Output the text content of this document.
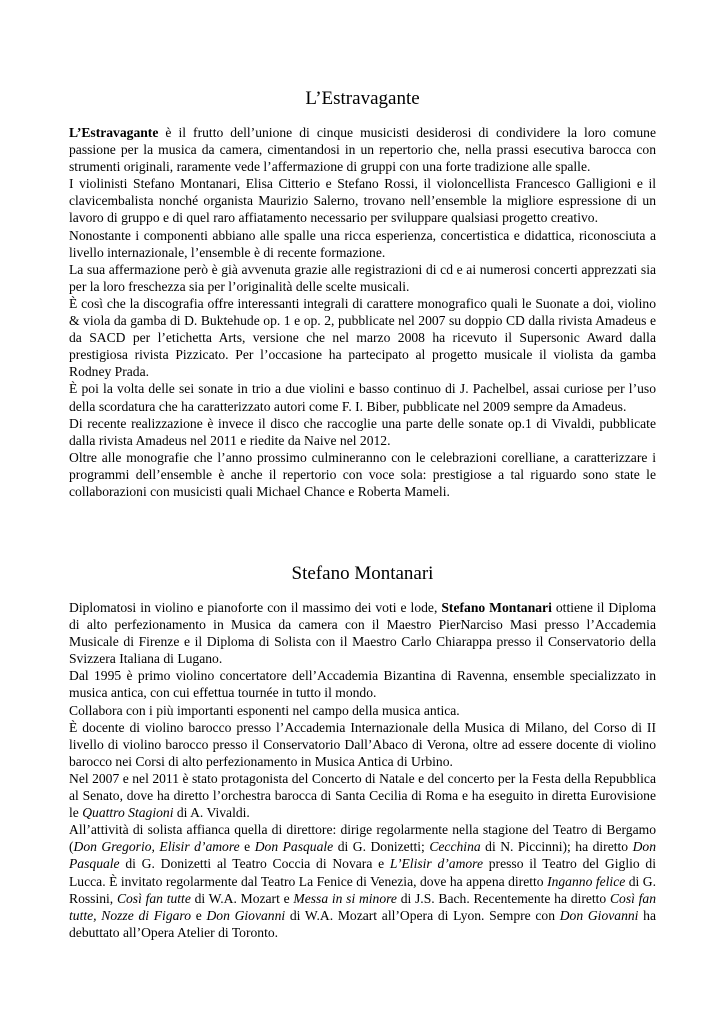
L’Estravagante

L’Estravagante è il frutto dell’unione di cinque musicisti desiderosi di condividere la loro comune passione per la musica da camera, cimentandosi in un repertorio che, nella prassi esecutiva barocca con strumenti originali, raramente vede l’affermazione di gruppi con una forte tradizione alle spalle.

I violinisti Stefano Montanari, Elisa Citterio e Stefano Rossi, il violoncellista Francesco Galligioni e il clavicembalista nonché organista Maurizio Salerno, trovano nell’ensemble la migliore espressione di un lavoro di gruppo e di quel raro affiatamento necessario per sviluppare qualsiasi progetto creativo.

Nonostante i componenti abbiano alle spalle una ricca esperienza, concertistica e didattica, riconosciuta a livello internazionale, l’ensemble è di recente formazione.

La sua affermazione però è già avvenuta grazie alle registrazioni di cd e ai numerosi concerti apprezzati sia per la loro freschezza sia per l’originalità delle scelte musicali.

È così che la discografia offre interessanti integrali di carattere monografico quali le Suonate a doi, violino & viola da gamba di D. Buktehude op. 1 e op. 2, pubblicate nel 2007 su doppio CD dalla rivista Amadeus e da SACD per l’etichetta Arts, versione che nel marzo 2008 ha ricevuto il Supersonic Award dalla prestigiosa rivista Pizzicato. Per l’occasione ha partecipato al progetto musicale il violista da gamba Rodney Prada.

È poi la volta delle sei sonate in trio a due violini e basso continuo di J. Pachelbel, assai curiose per l’uso della scordatura che ha caratterizzato autori come F. I. Biber, pubblicate nel 2009 sempre da Amadeus.

Di recente realizzazione è invece il disco che raccoglie una parte delle sonate op.1 di Vivaldi, pubblicate dalla rivista Amadeus nel 2011 e riedite da Naive nel 2012.

Oltre alle monografie che l’anno prossimo culmineranno con le celebrazioni corelliane, a caratterizzare i programmi dell’ensemble è anche il repertorio con voce sola: prestigiose a tal riguardo sono state le collaborazioni con musicisti quali Michael Chance e Roberta Mameli.

Stefano Montanari

Diplomatosi in violino e pianoforte con il massimo dei voti e lode, Stefano Montanari ottiene il Diploma di alto perfezionamento in Musica da camera con il Maestro PierNarciso Masi presso l’Accademia Musicale di Firenze e il Diploma di Solista con il Maestro Carlo Chiarappa presso il Conservatorio della Svizzera Italiana di Lugano.

Dal 1995 è primo violino concertatore dell’Accademia Bizantina di Ravenna, ensemble specializzato in musica antica, con cui effettua tournée in tutto il mondo.

Collabora con i più importanti esponenti nel campo della musica antica.

È docente di violino barocco presso l’Accademia Internazionale della Musica di Milano, del Corso di II livello di violino barocco presso il Conservatorio Dall’Abaco di Verona, oltre ad essere docente di violino barocco nei Corsi di alto perfezionamento in Musica Antica di Urbino.

Nel 2007 e nel 2011 è stato protagonista del Concerto di Natale e del concerto per la Festa della Repubblica al Senato, dove ha diretto l’orchestra barocca di Santa Cecilia di Roma e ha eseguito in diretta Eurovisione le Quattro Stagioni di A. Vivaldi.

All’attività di solista affianca quella di direttore: dirige regolarmente nella stagione del Teatro di Bergamo (Don Gregorio, Elisir d’amore e Don Pasquale di G. Donizetti; Cecchina di N. Piccinni); ha diretto Don Pasquale di G. Donizetti al Teatro Coccia di Novara e L’Elisir d’amore presso il Teatro del Giglio di Lucca. È invitato regolarmente dal Teatro La Fenice di Venezia, dove ha appena diretto Inganno felice di G. Rossini, Così fan tutte di W.A. Mozart e Messa in si minore di J.S. Bach. Recentemente ha diretto Così fan tutte, Nozze di Figaro e Don Giovanni di W.A. Mozart all’Opera di Lyon. Sempre con Don Giovanni ha debuttato all’Opera Atelier di Toronto.
